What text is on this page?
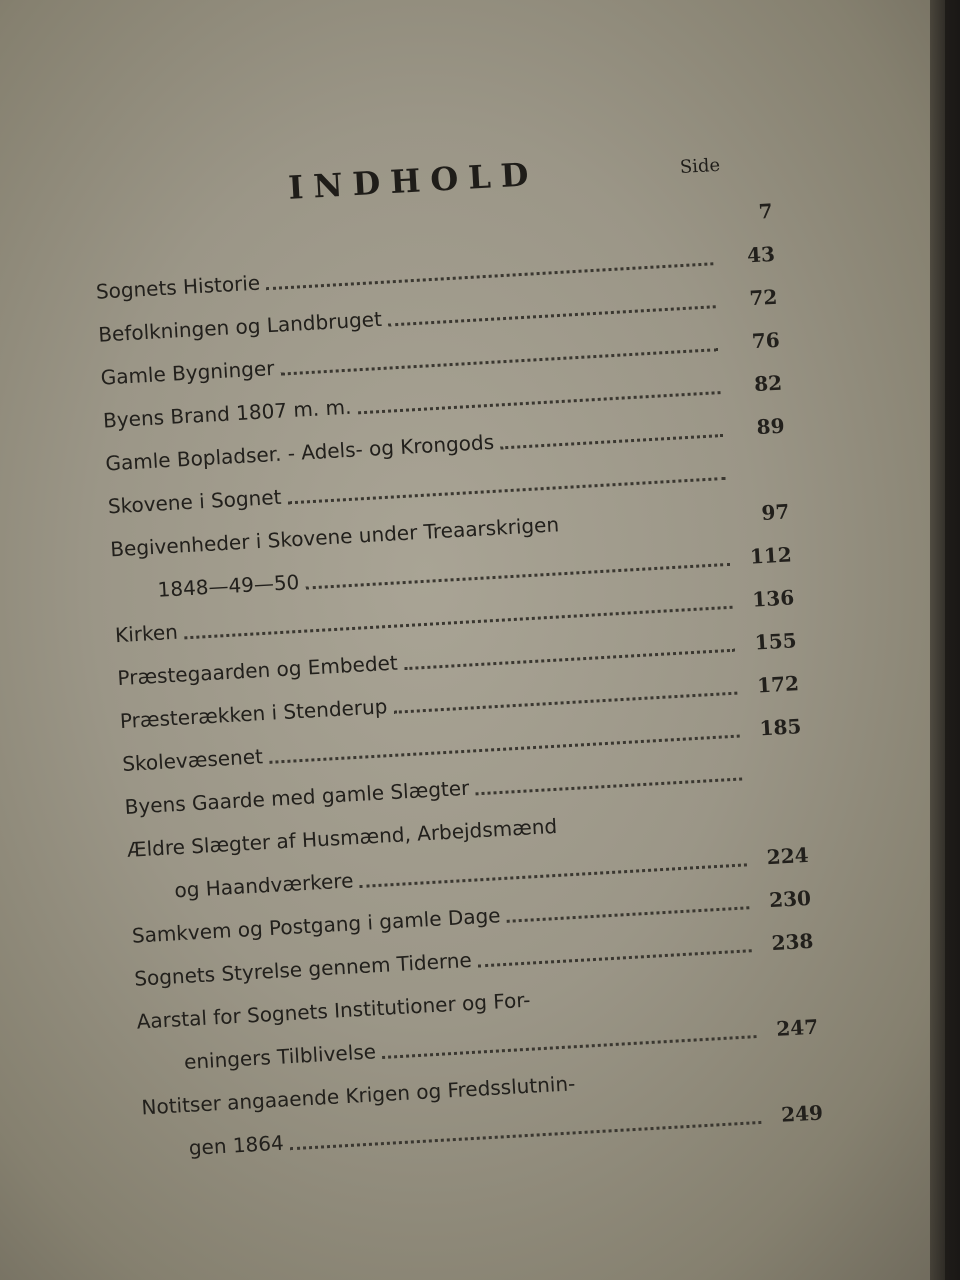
INDHOLD	Side
7
Sognets Historie
43
Befolkningen og Landbruget
72
Gamle Bygninger
76
Byens Brand 1807 m. m.
82
Gamle Bopladser. - Adels- og Krongods
89
Skovene i Sognet
Begivenheder i Skovene under Treaarskrigen
97
1848—49—50
112
Kirken
136
Præstegaarden og Embedet
155
Præsterækken i Stenderup
172
Skolevæsenet
185
Byens Gaarde med gamle Slægter
Ældre Slægter af Husmænd, Arbejdsmænd
og Haandværkere
224
Samkvem og Postgang i gamle Dage
230
Sognets Styrelse gennem Tiderne
238
Aarstal for Sognets Institutioner og For-
eningers Tilblivelse
247
Notitser angaaende Krigen og Fredsslutnin-
gen 1864
249
